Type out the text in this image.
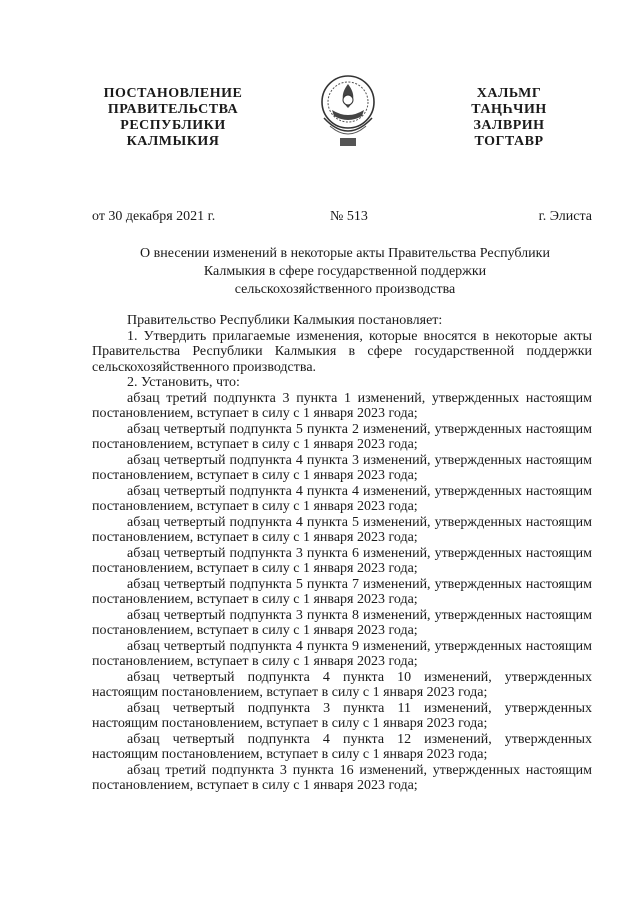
ПОСТАНОВЛЕНИЕ
ПРАВИТЕЛЬСТВА
РЕСПУБЛИКИ
КАЛМЫКИЯ
ХАЛЬМГ
ТАҢҺЧИН
ЗАЛВРИН
ТОГТАВР
от 30 декабря 2021 г.	№ 513	г. Элиста
О внесении изменений в некоторые акты Правительства Республики
Калмыкия в сфере государственной поддержки
сельскохозяйственного производства

Правительство Республики Калмыкия постановляет:

1. Утвердить прилагаемые изменения, которые вносятся в некоторые акты Правительства Республики Калмыкия в сфере государственной поддержки сельскохозяйственного производства.

2. Установить, что:

абзац третий подпункта 3 пункта 1 изменений, утвержденных настоящим постановлением, вступает в силу с 1 января 2023 года;

абзац четвертый подпункта 5 пункта 2 изменений, утвержденных настоящим постановлением, вступает в силу с 1 января 2023 года;

абзац четвертый подпункта 4 пункта 3 изменений, утвержденных настоящим постановлением, вступает в силу с 1 января 2023 года;

абзац четвертый подпункта 4 пункта 4 изменений, утвержденных настоящим постановлением, вступает в силу с 1 января 2023 года;

абзац четвертый подпункта 4 пункта 5 изменений, утвержденных настоящим постановлением, вступает в силу с 1 января 2023 года;

абзац четвертый подпункта 3 пункта 6 изменений, утвержденных настоящим постановлением, вступает в силу с 1 января 2023 года;

абзац четвертый подпункта 5 пункта 7 изменений, утвержденных настоящим постановлением, вступает в силу с 1 января 2023 года;

абзац четвертый подпункта 3 пункта 8 изменений, утвержденных настоящим постановлением, вступает в силу с 1 января 2023 года;

абзац четвертый подпункта 4 пункта 9 изменений, утвержденных настоящим постановлением, вступает в силу с 1 января 2023 года;

абзац четвертый подпункта 4 пункта 10 изменений, утвержденных настоящим постановлением, вступает в силу с 1 января 2023 года;

абзац четвертый подпункта 3 пункта 11 изменений, утвержденных настоящим постановлением, вступает в силу с 1 января 2023 года;

абзац четвертый подпункта 4 пункта 12 изменений, утвержденных настоящим постановлением, вступает в силу с 1 января 2023 года;

абзац третий подпункта 3 пункта 16 изменений, утвержденных настоящим постановлением, вступает в силу с 1 января 2023 года;
